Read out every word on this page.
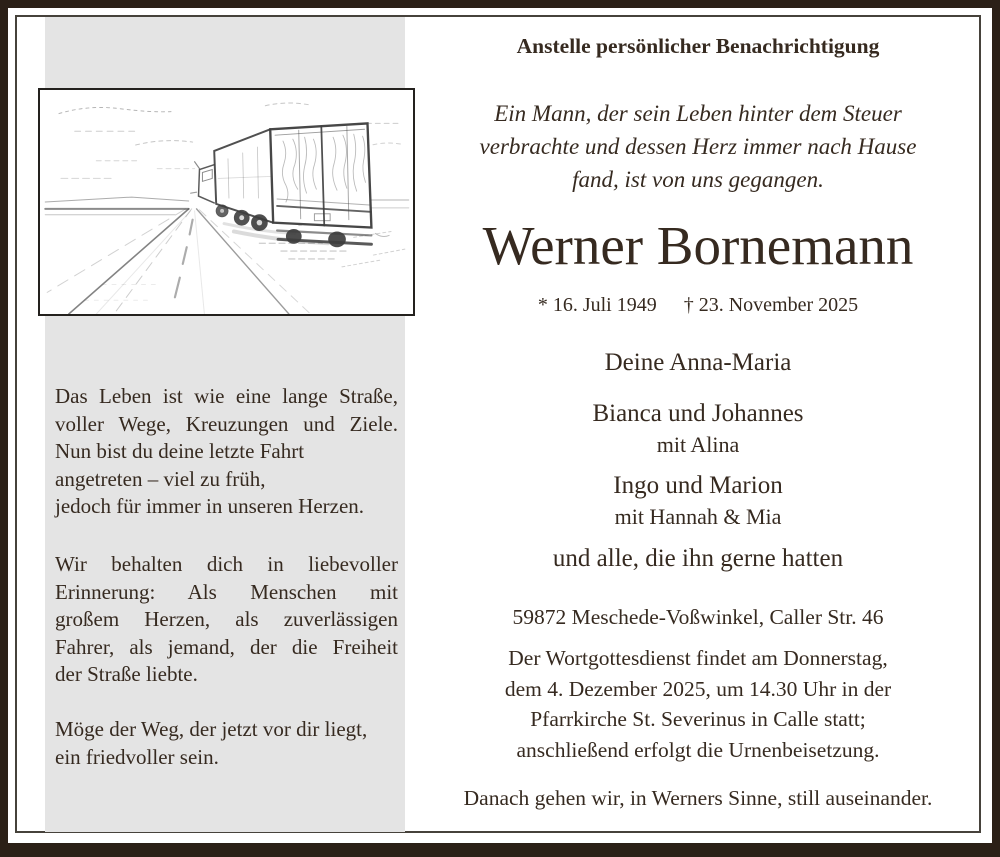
Das Leben ist wie eine lange Straße,
voller Wege, Kreuzungen und Ziele.
Nun bist du deine letzte Fahrt
angetreten – viel zu früh,
jedoch für immer in unseren Herzen.
Wir behalten dich in liebevoller
Erinnerung: Als Menschen mit
großem Herzen, als zuverlässigen
Fahrer, als jemand, der die Freiheit
der Straße liebte.
Möge der Weg, der jetzt vor dir liegt,
ein friedvoller sein.
Anstelle persönlicher Benachrichtigung
Ein Mann, der sein Leben hinter dem Steuer
verbrachte und dessen Herz immer nach Hause
fand, ist von uns gegangen.
Werner Bornemann
* 16. Juli 1949 † 23. November 2025
Deine Anna-Maria
Bianca und Johannes
mit Alina
Ingo und Marion
mit Hannah & Mia
und alle, die ihn gerne hatten
59872 Meschede-Voßwinkel, Caller Str. 46
Der Wortgottesdienst findet am Donnerstag,
dem 4. Dezember 2025, um 14.30 Uhr in der
Pfarrkirche St. Severinus in Calle statt;
anschließend erfolgt die Urnenbeisetzung.
Danach gehen wir, in Werners Sinne, still auseinander.
